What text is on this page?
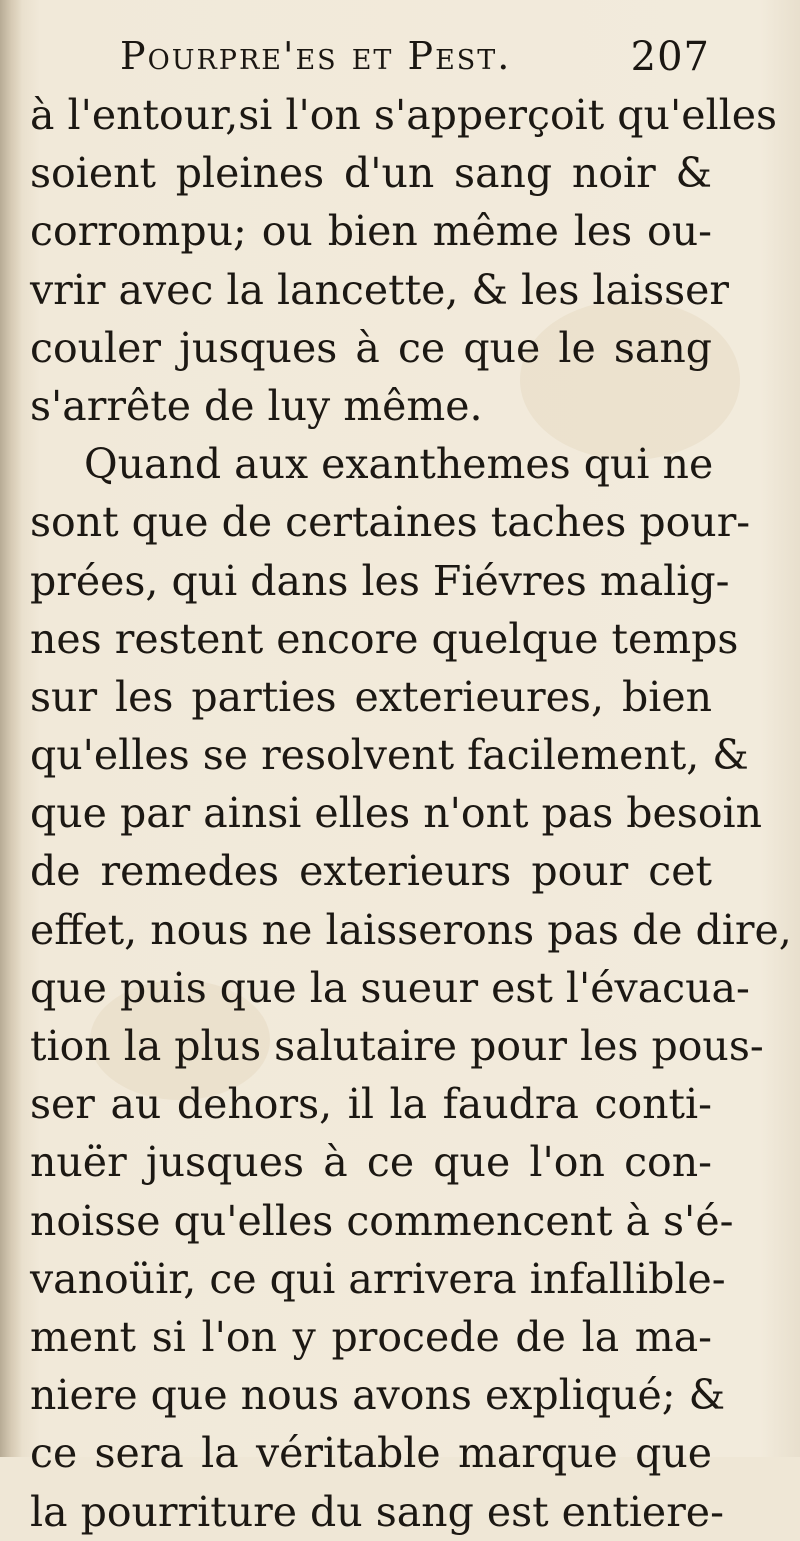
Pourpre'es et Pest.	207
à l'entour,si l'on s'apperçoit qu'elles
soient pleines d'un sang noir &
corrompu; ou bien même les ou-
vrir avec la lancette, & les laisser
couler jusques à ce que le sang
s'arrête de luy même.
Quand aux exanthemes qui ne
sont que de certaines taches pour-
prées, qui dans les Fiévres malig-
nes restent encore quelque temps
sur les parties exterieures, bien
qu'elles se resolvent facilement, &
que par ainsi elles n'ont pas besoin
de remedes exterieurs pour cet
effet, nous ne laisserons pas de dire,
que puis que la sueur est l'évacua-
tion la plus salutaire pour les pous-
ser au dehors, il la faudra conti-
nuër jusques à ce que l'on con-
noisse qu'elles commencent à s'é-
vanoüir, ce qui arrivera infallible-
ment si l'on y procede de la ma-
niere que nous avons expliqué; &
ce sera la véritable marque que
la pourriture du sang est entiere-
